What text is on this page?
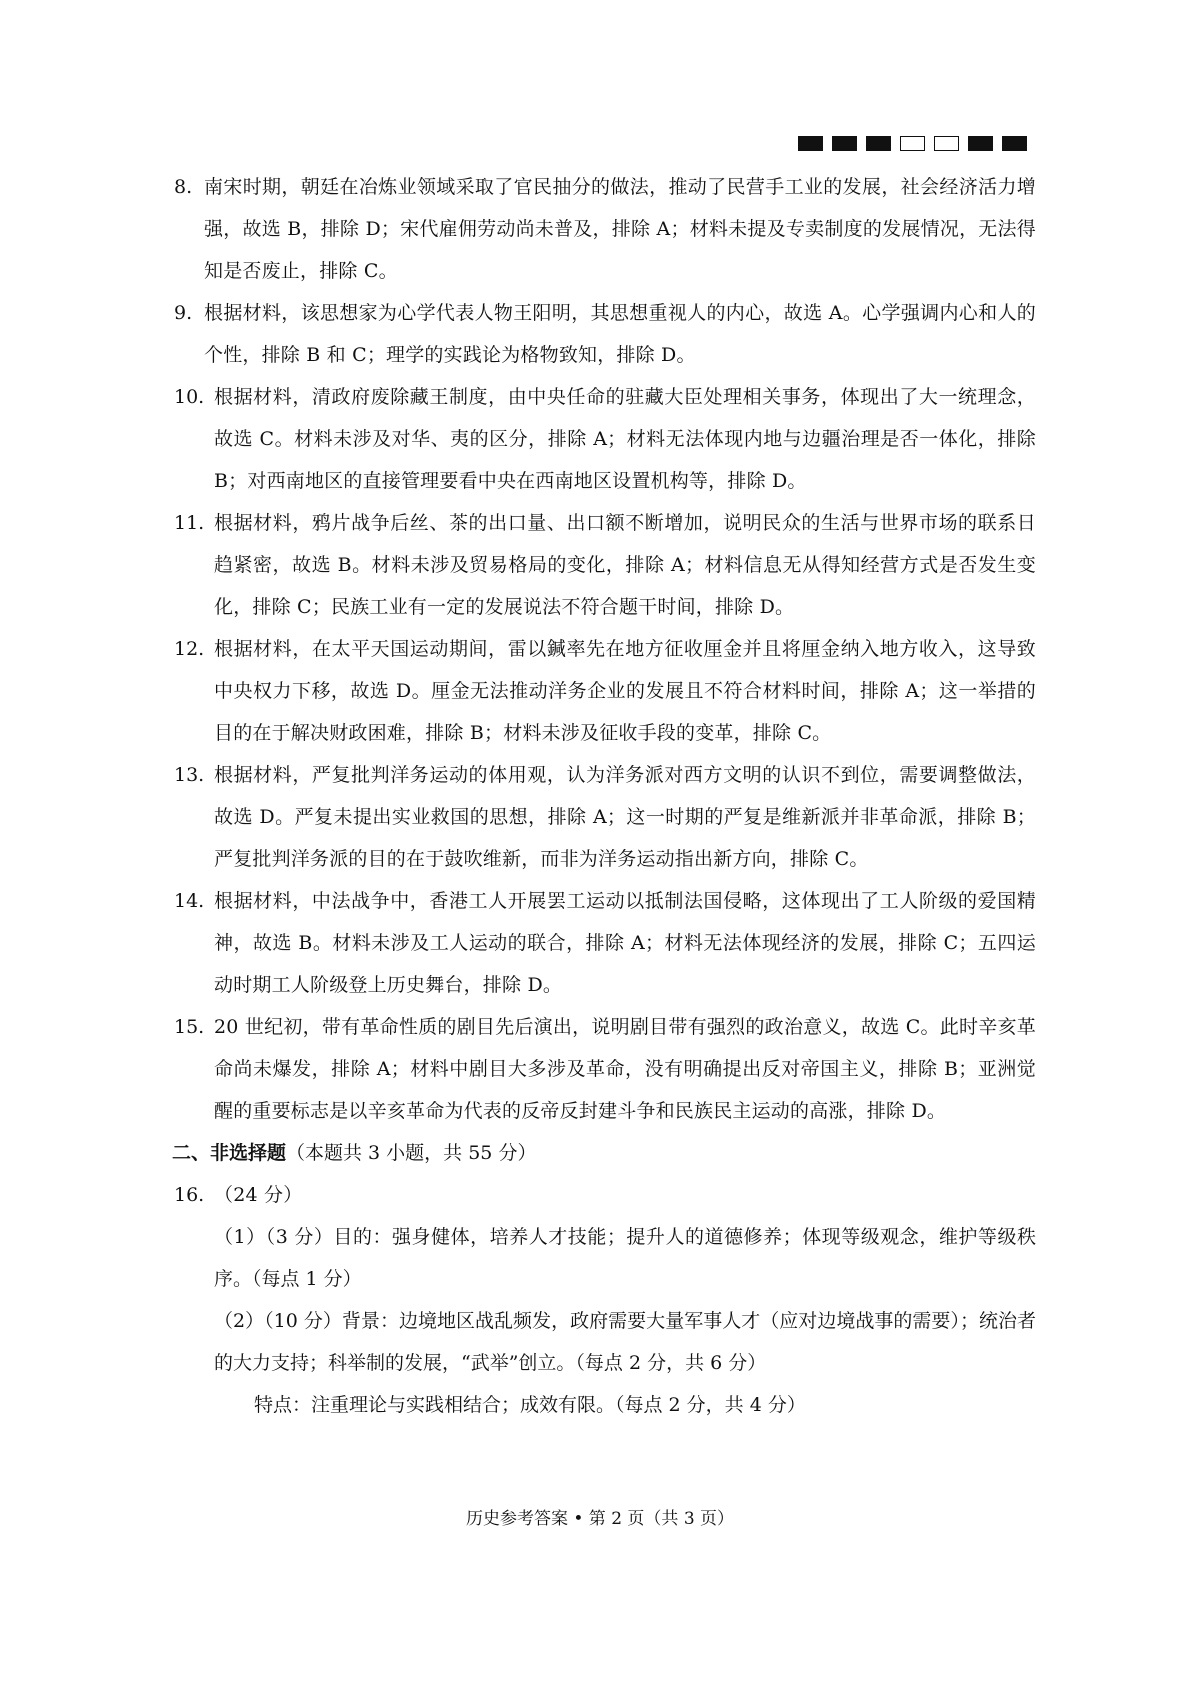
8. 南宋时期，朝廷在冶炼业领域采取了官民抽分的做法，推动了民营手工业的发展，社会经济活力增强，故选 B，排除 D；宋代雇佣劳动尚未普及，排除 A；材料未提及专卖制度的发展情况，无法得知是否废止，排除 C。
9. 根据材料，该思想家为心学代表人物王阳明，其思想重视人的内心，故选 A。心学强调内心和人的个性，排除 B 和 C；理学的实践论为格物致知，排除 D。
10. 根据材料，清政府废除藏王制度，由中央任命的驻藏大臣处理相关事务，体现出了大一统理念，故选 C。材料未涉及对华、夷的区分，排除 A；材料无法体现内地与边疆治理是否一体化，排除 B；对西南地区的直接管理要看中央在西南地区设置机构等，排除 D。
11. 根据材料，鸦片战争后丝、茶的出口量、出口额不断增加，说明民众的生活与世界市场的联系日趋紧密，故选 B。材料未涉及贸易格局的变化，排除 A；材料信息无从得知经营方式是否发生变化，排除 C；民族工业有一定的发展说法不符合题干时间，排除 D。
12. 根据材料，在太平天国运动期间，雷以鍼率先在地方征收厘金并且将厘金纳入地方收入，这导致中央权力下移，故选 D。厘金无法推动洋务企业的发展且不符合材料时间，排除 A；这一举措的目的在于解决财政困难，排除 B；材料未涉及征收手段的变革，排除 C。
13. 根据材料，严复批判洋务运动的体用观，认为洋务派对西方文明的认识不到位，需要调整做法，故选 D。严复未提出实业救国的思想，排除 A；这一时期的严复是维新派并非革命派，排除 B；严复批判洋务派的目的在于鼓吹维新，而非为洋务运动指出新方向，排除 C。
14. 根据材料，中法战争中，香港工人开展罢工运动以抵制法国侵略，这体现出了工人阶级的爱国精神，故选 B。材料未涉及工人运动的联合，排除 A；材料无法体现经济的发展，排除 C；五四运动时期工人阶级登上历史舞台，排除 D。
15. 20 世纪初，带有革命性质的剧目先后演出，说明剧目带有强烈的政治意义，故选 C。此时辛亥革命尚未爆发，排除 A；材料中剧目大多涉及革命，没有明确提出反对帝国主义，排除 B；亚洲觉醒的重要标志是以辛亥革命为代表的反帝反封建斗争和民族民主运动的高涨，排除 D。
二、非选择题（本题共 3 小题，共 55 分）
16. （24 分）
（1）（3 分）目的：强身健体，培养人才技能；提升人的道德修养；体现等级观念，维护等级秩序。（每点 1 分）
（2）（10 分）背景：边境地区战乱频发，政府需要大量军事人才（应对边境战事的需要）；统治者的大力支持；科举制的发展，“武举”创立。（每点 2 分，共 6 分）
特点：注重理论与实践相结合；成效有限。（每点 2 分，共 4 分）
历史参考答案 • 第 2 页（共 3 页）
